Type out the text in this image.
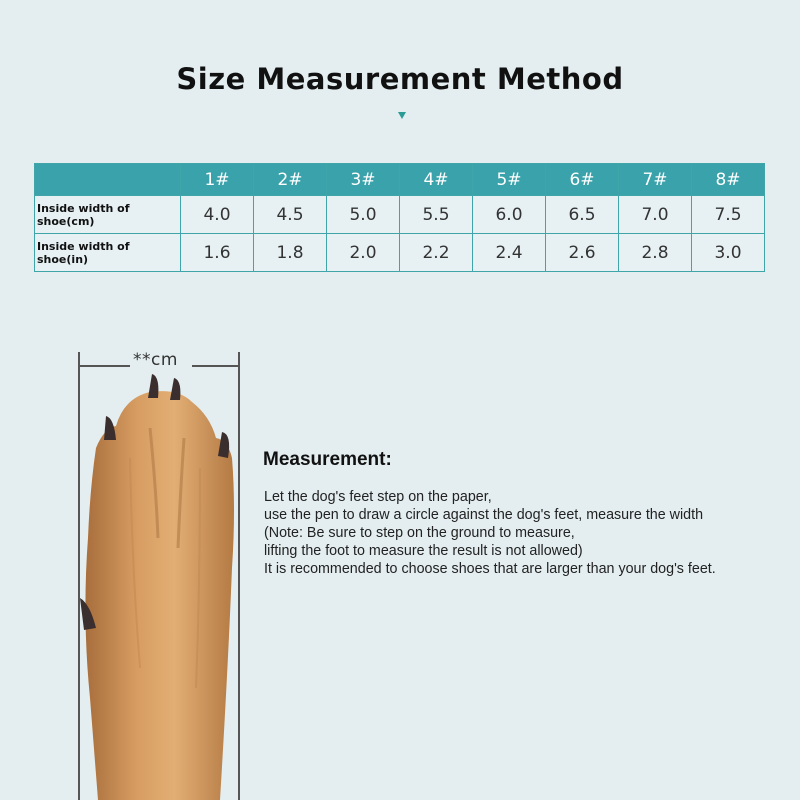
Size Measurement Method
	1#	2#	3#	4#	5#	6#	7#	8#
Inside width of shoe(cm)	4.0	4.5	5.0	5.5	6.0	6.5	7.0	7.5
Inside width of shoe(in)	1.6	1.8	2.0	2.2	2.4	2.6	2.8	3.0
**cm
Measurement:
Let the dog's feet step on the paper,
use the pen to draw a circle against the dog's feet, measure the width
(Note: Be sure to step on the ground to measure,
lifting the foot to measure the result is not allowed)
It is recommended to choose shoes that are larger than your dog's feet.
